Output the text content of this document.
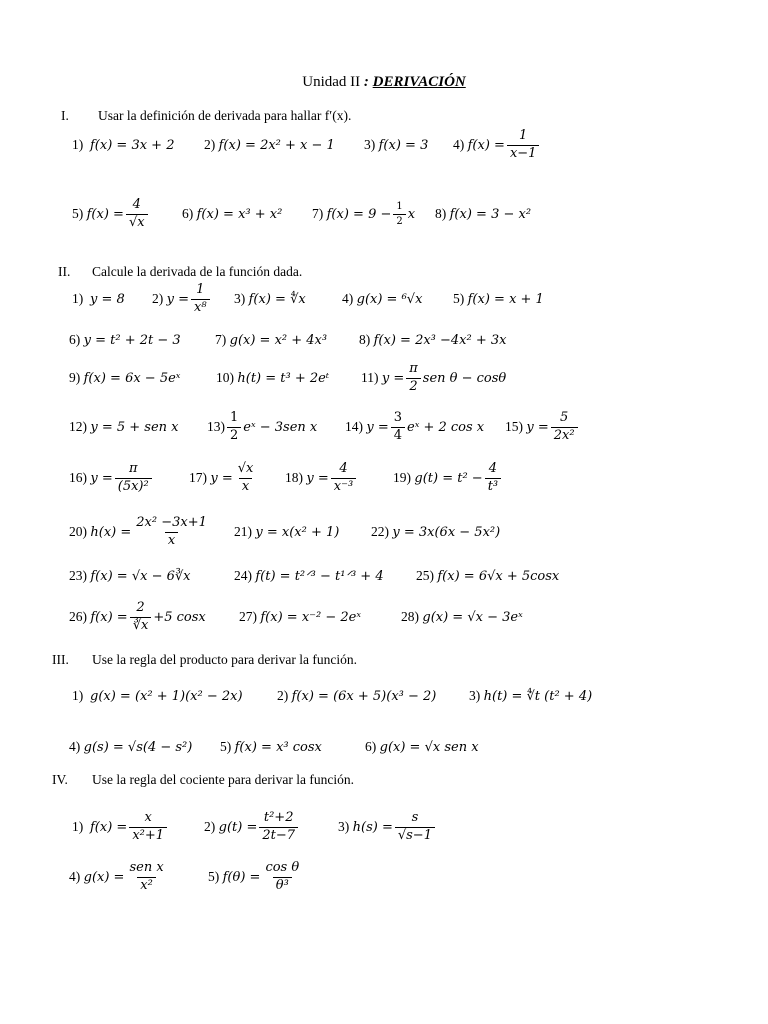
Unidad II : DERIVACIÓN
I. Usar la definición de derivada para hallar f′(x).
1)
f(x) = 3x + 2 2)
f(x) = 2x² + x − 1 3)
f(x) = 3 4)
$f(x) = \frac{1}{x-1}$
5)
$f(x) = \frac{4}{√x}$	6)
f(x) = x³ + x² 7)
$f(x) = 9 - \frac{1}{2}$ x 8)
f(x) = 3 − x²
II. Calcule la derivada de la función dada.
1)
y = 8 2)
$y = \frac{1}{\text{x⁸}} 3$)
f(x) = ∜x	4)
g(x) = ⁶√x 5)
f(x) = x + 1
6)
y = t² + 2t − 3	7)
g(x) = x² + 4x³ 8)
f(x) = 2x³ −4x² + 3x
9)
f(x) = 6x − 5eˣ	10)
h(t) = t³ + 2eᵗ 11)
$y = \frac{\pi}{2}$ sen θ − cosθ
12)
y = 5 + sen x $13) \frac{1}{2}$ eˣ − 3sen x 14)
$y = \frac{3}{4}$ eˣ + 2 cos x 15)
$y = \frac{5}{\text{2x²}}$
16)
$y = \frac{\pi}{\text{(5x)²}}$	17)
$y = \frac{√x}{x} 18$)
$y = \frac{4}{\text{x⁻³}}$	19)
$g(t) = t^2 - \frac{4}{\text{t³}}$
20)
$h(x) = \frac{\text{2x² −3x+1}}{x} 21$)
y = x(x² + 1) 22)
y = 3x(6x − 5x²)
23)
f(x) = √x − 6∛x	24)
f(t) = t²ᐟ³ − t¹ᐟ³ + 4 25)
f(x) = 6√x + 5cosx
26)
$f(x) = \frac{2}{∛x} +5$ cosx 27)
f(x) = x⁻² − 2eˣ	28)
g(x) = √x − 3eˣ
III. Use la regla del producto para derivar la función.
1)
g(x) = (x² + 1)(x² − 2x)	2)
f(x) = (6x + 5)(x³ − 2) 3)
h(t) = ∜t (t² + 4)
4)
g(s) = √s(4 − s²) 5)
f(x) = x³ cosx	6)
g(x) = √x sen x
IV. Use la regla del cociente para derivar la función.
1)
$f(x) = \frac{x}{\text{x²+1}}$	2)
$g(t) = \frac{\text{t²+2}}{2t-7}$	3)
$h(s) = \frac{s}{√s-1}$
4)
$g(x) = \frac{\text{sen x}}{\text{x²}}$	5)
$f(\theta) = \frac{\text{cos θ}}{\text{θ³}}$
